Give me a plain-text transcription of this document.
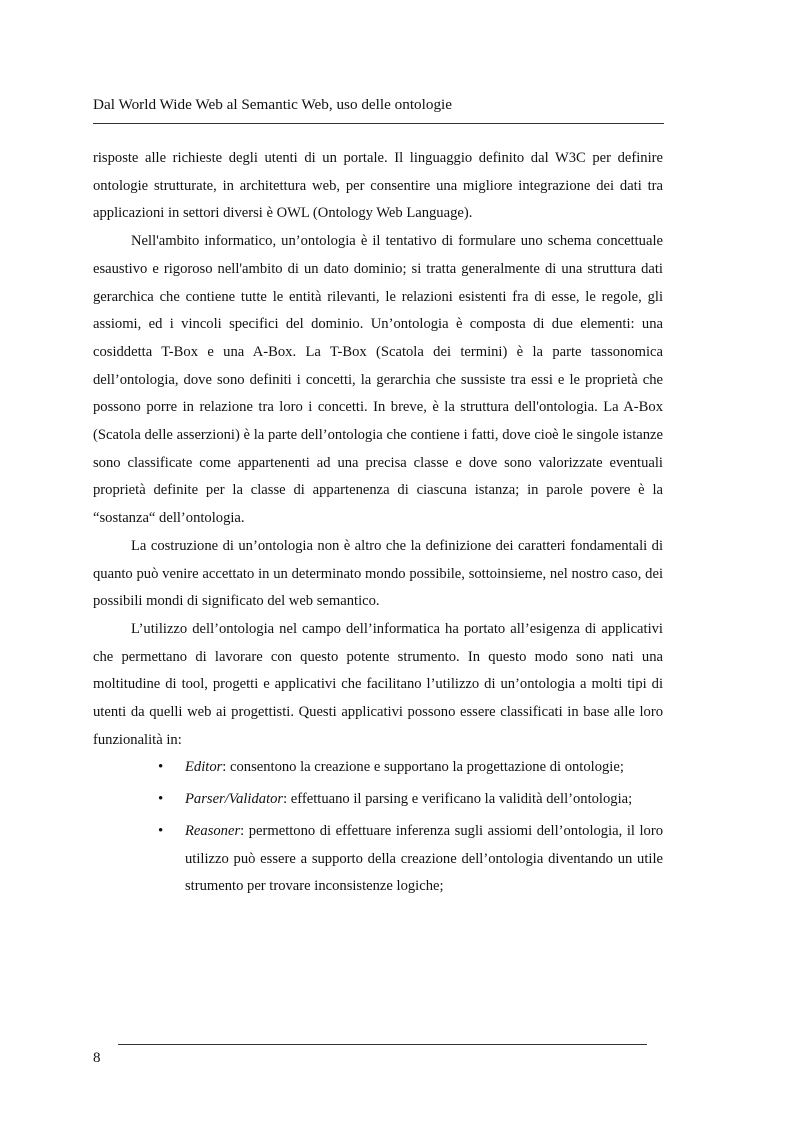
Dal World Wide Web al Semantic Web, uso delle ontologie

risposte alle richieste degli utenti di un portale. Il linguaggio definito dal W3C per definire ontologie strutturate, in architettura web, per consentire una migliore integrazione dei dati tra applicazioni in settori diversi è OWL (Ontology Web Language).

Nell'ambito informatico, un’ontologia è il tentativo di formulare uno schema concettuale esaustivo e rigoroso nell'ambito di un dato dominio; si tratta generalmente di una struttura dati gerarchica che contiene tutte le entità rilevanti, le relazioni esistenti fra di esse, le regole, gli assiomi, ed i vincoli specifici del dominio. Un’ontologia è composta di due elementi: una cosiddetta T-Box e una A-Box. La T-Box (Scatola dei termini) è la parte tassonomica dell’ontologia, dove sono definiti i concetti, la gerarchia che sussiste tra essi e le proprietà che possono porre in relazione tra loro i concetti. In breve, è la struttura dell'ontologia. La A-Box (Scatola delle asserzioni) è la parte dell’ontologia che contiene i fatti, dove cioè le singole istanze sono classificate come appartenenti ad una precisa classe e dove sono valorizzate eventuali proprietà definite per la classe di appartenenza di ciascuna istanza; in parole povere è la “sostanza“ dell’ontologia.

La costruzione di un’ontologia non è altro che la definizione dei caratteri fondamentali di quanto può venire accettato in un determinato mondo possibile, sottoinsieme, nel nostro caso, dei possibili mondi di significato del web semantico.

L’utilizzo dell’ontologia nel campo dell’informatica ha portato all’esigenza di applicativi che permettano di lavorare con questo potente strumento. In questo modo sono nati una moltitudine di tool, progetti e applicativi che facilitano l’utilizzo di un’ontologia a molti tipi di utenti da quelli web ai progettisti. Questi applicativi possono essere classificati in base alle loro funzionalità in:

• Editor: consentono la creazione e supportano la progettazione di ontologie;
• Parser/Validator: effettuano il parsing e verificano la validità dell’ontologia;
• Reasoner: permettono di effettuare inferenza sugli assiomi dell’ontologia, il loro utilizzo può essere a supporto della creazione dell’ontologia diventando un utile strumento per trovare inconsistenze logiche;
8
